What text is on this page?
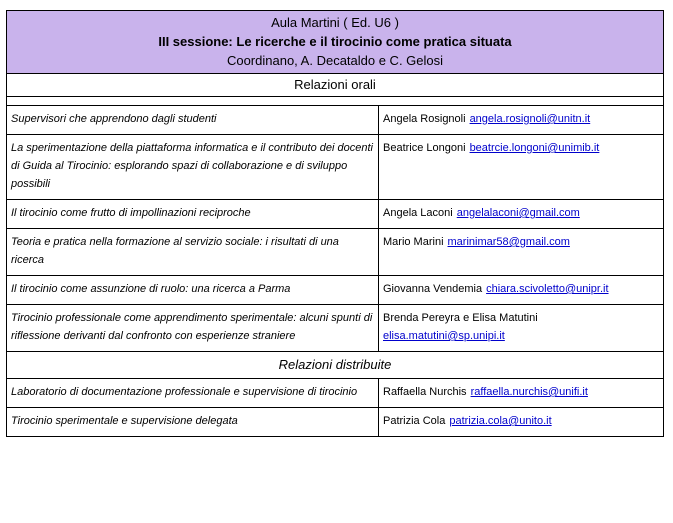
Aula Martini ( Ed. U6 )
III sessione: Le ricerche e il tirocinio come pratica situata
Coordinano, A. Decataldo e C. Gelosi	

Relazioni orali	

Supervisori che apprendono dagli studenti	Angela Rosignoli angela.rosignoli@unitn.it
La sperimentazione della piattaforma informatica e il contributo dei docenti di Guida al Tirocinio: esplorando spazi di collaborazione e di sviluppo possibili	Beatrice Longoni beatrcie.longoni@unimib.it
Il tirocinio come frutto di impollinazioni reciproche	Angela Laconi angelalaconi@gmail.com
Teoria e pratica nella formazione al servizio sociale: i risultati di una ricerca	Mario Marini marinimar58@gmail.com
Il tirocinio come assunzione di ruolo: una ricerca a Parma	Giovanna Vendemia chiara.scivoletto@unipr.it
Tirocinio professionale come apprendimento sperimentale: alcuni spunti di riflessione derivanti dal confronto con esperienze straniere	Brenda Pereyra e Elisa Matutini
elisa.matutini@sp.unipi.it

Relazioni distribuite	
Laboratorio di documentazione professionale e supervisione di tirocinio	Raffaella Nurchis raffaella.nurchis@unifi.it
Tirocinio sperimentale e supervisione delegata	Patrizia Cola patrizia.cola@unito.it
